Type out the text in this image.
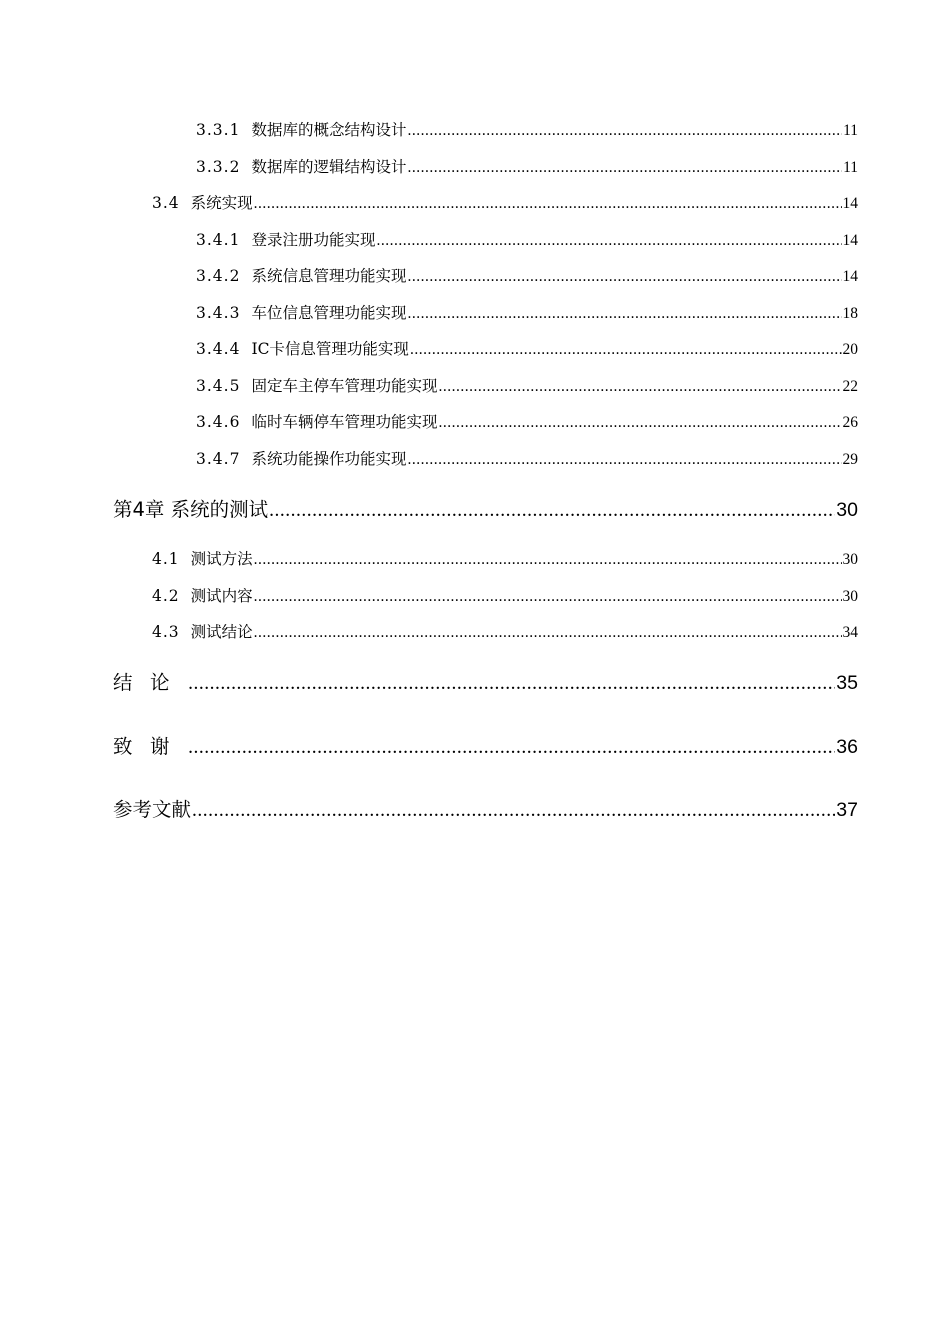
3.3.1 数据库的概念结构设计 .....	11
3.3.2 数据库的逻辑结构设计 .....	11
3.4 系统实现 .....	14
3.4.1 登录注册功能实现 .....	14
3.4.2 系统信息管理功能实现 .....	14
3.4.3 车位信息管理功能实现 .....	18
3.4.4 IC卡信息管理功能实现 .....	20
3.4.5 固定车主停车管理功能实现 .....	22
3.4.6 临时车辆停车管理功能实现 .....	26
3.4.7 系统功能操作功能实现 .....	29
第4章 系统的测试 .....	30
4.1 测试方法 .....	30
4.2 测试内容 .....	30
4.3 测试结论 .....	34
结论 .....	35
致谢 .....	36
参考文献 .....	37
